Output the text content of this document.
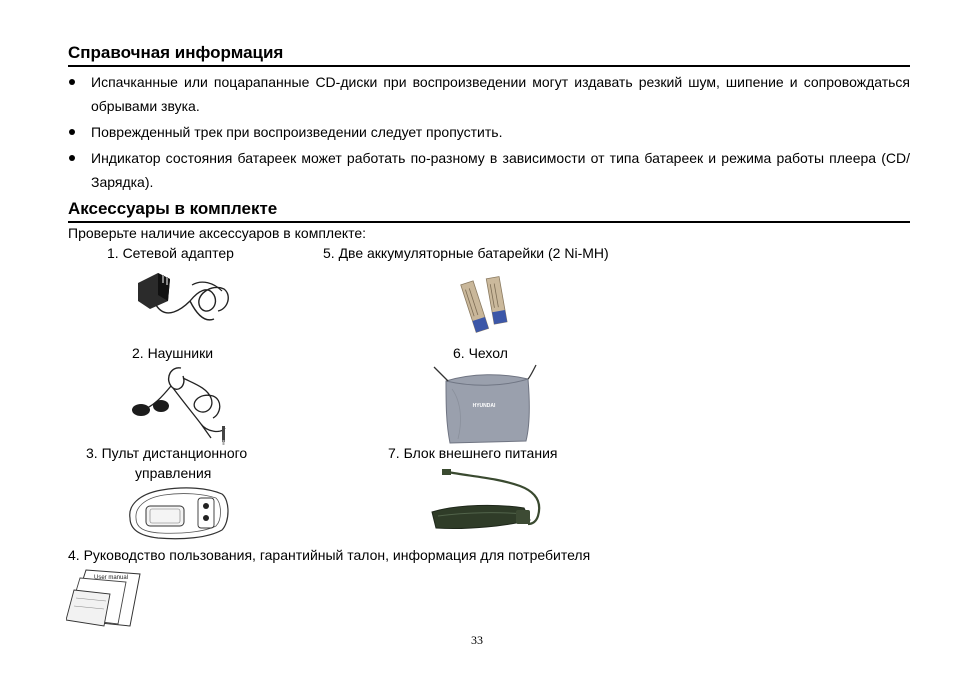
Справочная информация
Испачканные или поцарапанные CD-диски при воспроизведении могут издавать резкий шум, шипение и сопровождаться обрывами звука.
Поврежденный трек при воспроизведении следует пропустить.
Индикатор состояния батареек может работать по-разному в зависимости от типа батареек и режима работы плеера (CD/Зарядка).
Аксессуары в комплекте
Проверьте наличие аксессуаров в комплекте:
1. Сетевой адаптер	5. Две аккумуляторные батарейки (2 Ni-MH)
2. Наушники	6. Чехол
HYUNDAI
3. Пульт дистанционного
управления
7. Блок внешнего питания
4. Руководство пользования, гарантийный талон, информация для потребителя
User manual
33
